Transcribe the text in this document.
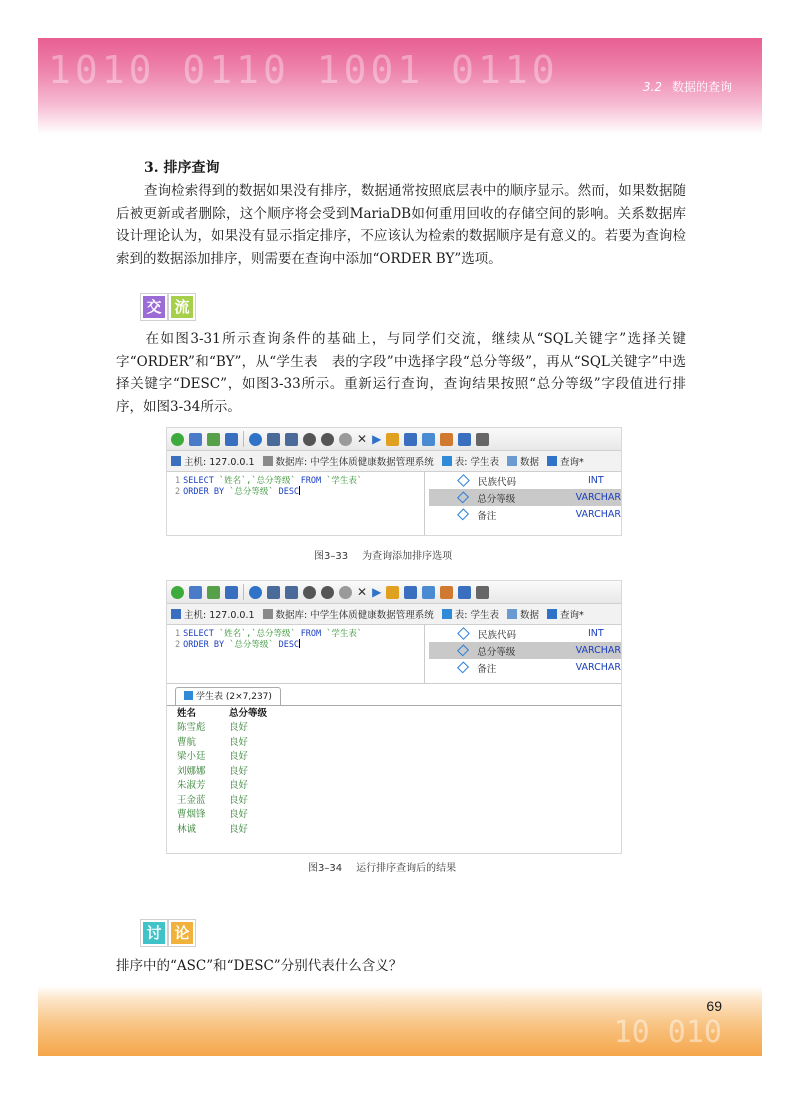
1010 0110 1001 0110	3.2 数据的查询
3. 排序查询
查询检索得到的数据如果没有排序，数据通常按照底层表中的顺序显示。然而，如果数据随后被更新或者删除，这个顺序将会受到MariaDB如何重用回收的存储空间的影响。关系数据库设计理论认为，如果没有显示指定排序，不应该认为检索的数据顺序是有意义的。若要为查询检索到的数据添加排序，则需要在查询中添加“ORDER BY”选项。
交 流
在如图3-31所示查询条件的基础上，与同学们交流，继续从“SQL关键字”选择关键字“ORDER”和“BY”，从“学生表　表的字段”中选择字段“总分等级”，再从“SQL关键字”中选择关键字“DESC”，如图3-33所示。重新运行查询，查询结果按照“总分等级”字段值进行排序，如图3-34所示。
✕ ▶
主机: 127.0.0.1	数据库: 中学生体质健康数据管理系统	表: 学生表	数据	查询*
1 SELECT `姓名`,`总分等级` FROM `学生表`
2 ORDER BY `总分等级` DESC
民族代码	INT
总分等级	VARCHAR
备注	VARCHAR
图3–33 为查询添加排序选项
✕ ▶
主机: 127.0.0.1	数据库: 中学生体质健康数据管理系统	表: 学生表	数据	查询*
1 SELECT `姓名`,`总分等级` FROM `学生表`
2 ORDER BY `总分等级` DESC
民族代码	INT
总分等级	VARCHAR
备注	VARCHAR
学生表 (2×7,237)
姓名	总分等级
陈雪彪	良好
曹航	良好
梁小廷	良好
刘娜娜	良好
朱淑芳	良好
王金蓝	良好
曹烟锋	良好
林诚	良好
图3–34 运行排序查询后的结果
讨 论
排序中的“ASC”和“DESC”分别代表什么含义？
10 010
69
